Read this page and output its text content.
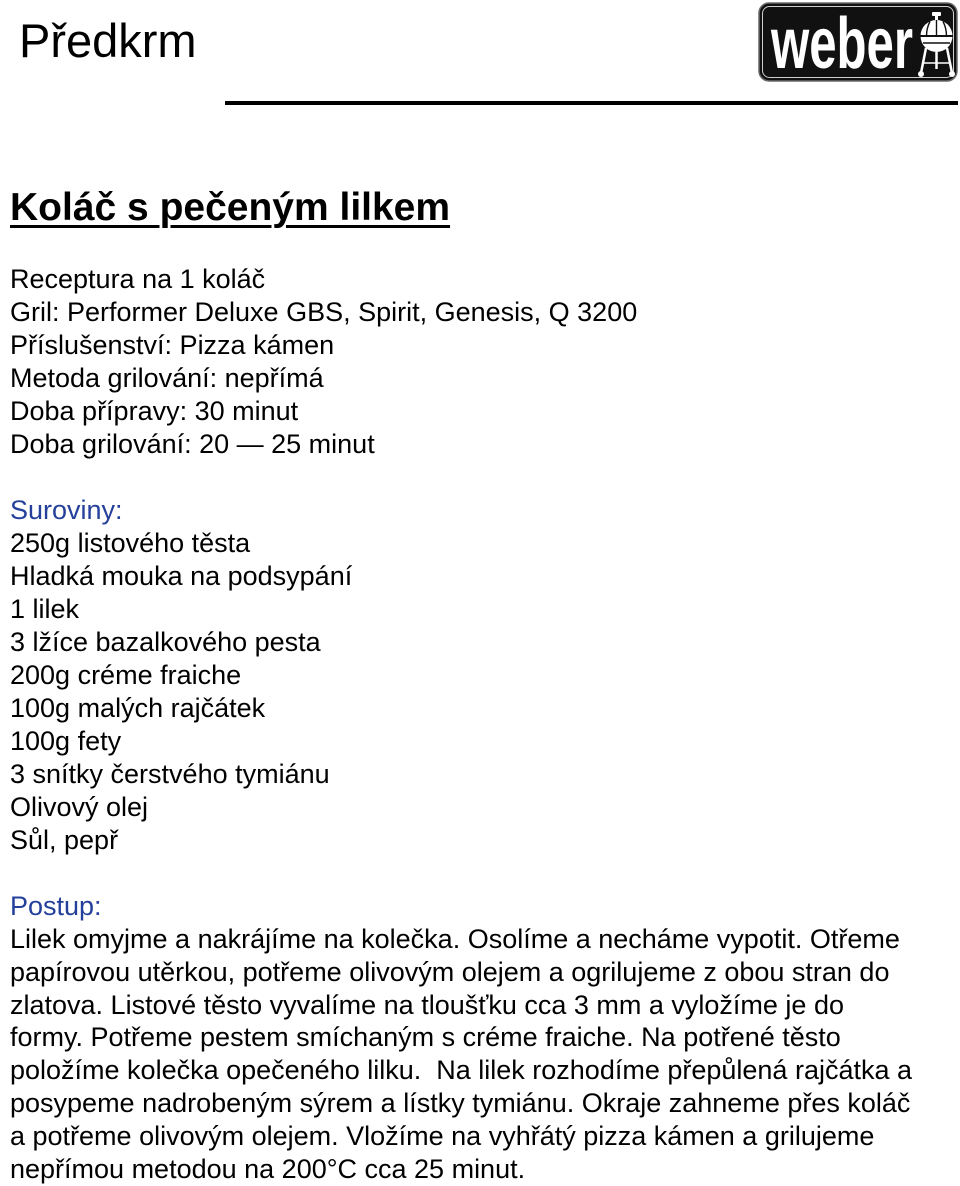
Předkrm	weber
Koláč s pečeným lilkem
Receptura na 1 koláč
Gril: Performer Deluxe GBS, Spirit, Genesis, Q 3200
Příslušenství: Pizza kámen
Metoda grilování: nepřímá
Doba přípravy: 30 minut
Doba grilování: 20 — 25 minut
Suroviny:
250g listového těsta
Hladká mouka na podsypání
1 lilek
3 lžíce bazalkového pesta
200g créme fraiche
100g malých rajčátek
100g fety
3 snítky čerstvého tymiánu
Olivový olej
Sůl, pepř
Postup:
Lilek omyjme a nakrájíme na kolečka. Osolíme a necháme vypotit. Otřeme
papírovou utěrkou, potřeme olivovým olejem a ogrilujeme z obou stran do
zlatova. Listové těsto vyvalíme na tloušťku cca 3 mm a vyložíme je do
formy. Potřeme pestem smíchaným s créme fraiche. Na potřené těsto
položíme kolečka opečeného lilku.  Na lilek rozhodíme přepůlená rajčátka a
posypeme nadrobeným sýrem a lístky tymiánu. Okraje zahneme přes koláč
a potřeme olivovým olejem. Vložíme na vyhřátý pizza kámen a grilujeme
nepřímou metodou na 200°C cca 25 minut.
